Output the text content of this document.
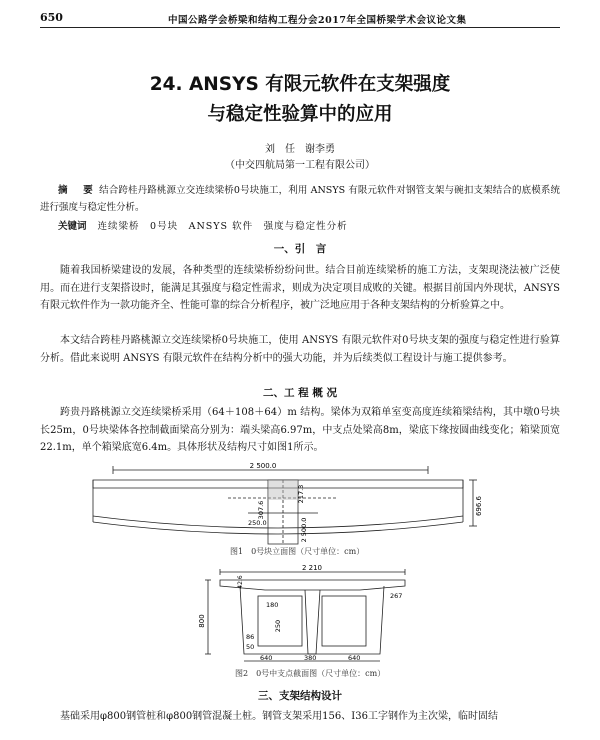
650	中国公路学会桥梁和结构工程分会2017年全国桥梁学术会议论文集
24. ANSYS 有限元软件在支架强度
与稳定性验算中的应用
刘　任　谢李勇
（中交四航局第一工程有限公司）
摘　要 结合跨桂丹路桃源立交连续梁桥0号块施工，利用 ANSYS 有限元软件对钢管支架与碗扣支架结合的底模系统进行强度与稳定性分析。
关键词 连续梁桥　0号块　ANSYS 软件　强度与稳定性分析
一、引　言
随着我国桥梁建设的发展，各种类型的连续梁桥纷纷问世。结合目前连续梁桥的施工方法，支架现浇法被广泛使用。而在进行支架搭设时，能满足其强度与稳定性需求，则成为决定项目成败的关键。根据目前国内外现状，ANSYS 有限元软件作为一款功能齐全、性能可靠的综合分析程序，被广泛地应用于各种支架结构的分析验算之中。
本文结合跨桂丹路桃源立交连续梁桥0号块施工，使用 ANSYS 有限元软件对0号块支架的强度与稳定性进行验算分析。借此来说明 ANSYS 有限元软件在结构分析中的强大功能，并为后续类似工程设计与施工提供参考。
二、工 程 概 况
跨贵丹路桃源立交连续梁桥采用（64＋108＋64）m 结构。梁体为双箱单室变高度连续箱梁结构，其中墩0号块长25m，0号块梁体各控制截面梁高分别为：端头梁高6.97m，中支点处梁高8m，梁底下缘按圆曲线变化；箱梁顶宽22.1m，单个箱梁底宽6.4m。具体形状及结构尺寸如图1所示。
2 500.0
696.6
217.3
307.6
250.0	2 500.0
图1　0号块立面图（尺寸单位：cm）
2 210
800
267
42.6
180
250
86
50
640	380	640
图2　0号中支点截面图（尺寸单位：cm）
三、支架结构设计
基础采用φ800钢管桩和φ800钢管混凝土桩。钢管支架采用156、I36工字钢作为主次梁，临时固结
